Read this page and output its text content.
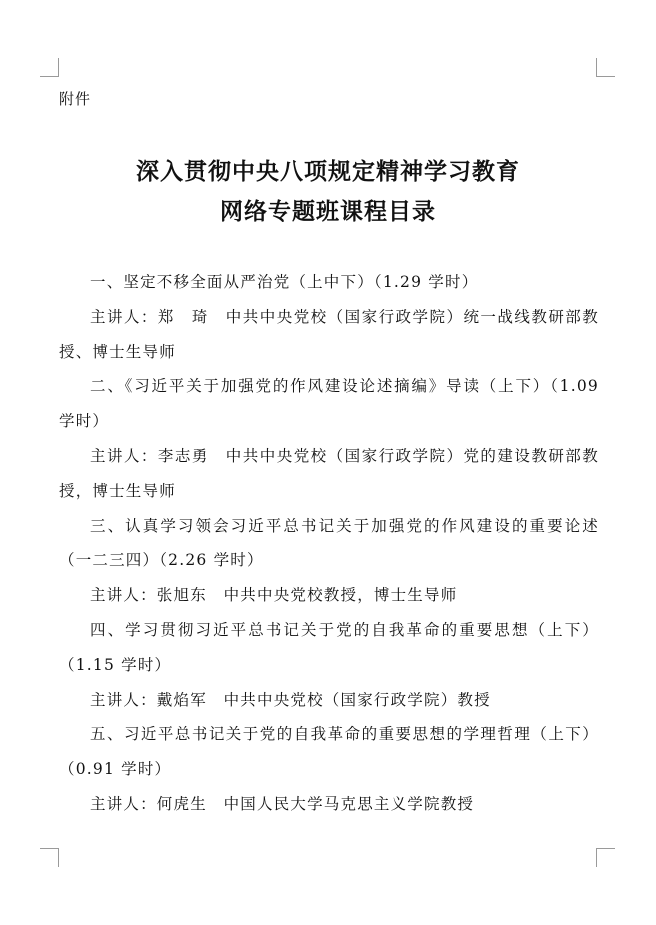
附件
深入贯彻中央八项规定精神学习教育
网络专题班课程目录

一、坚定不移全面从严治党（上中下）（1.29 学时）

主讲人：郑　琦　中共中央党校（国家行政学院）统一战线教研部教授、博士生导师

二、《习近平关于加强党的作风建设论述摘编》导读（上下）（1.09 学时）

主讲人：李志勇　中共中央党校（国家行政学院）党的建设教研部教授，博士生导师

三、认真学习领会习近平总书记关于加强党的作风建设的重要论述（一二三四）（2.26 学时）

主讲人：张旭东　中共中央党校教授，博士生导师

四、学习贯彻习近平总书记关于党的自我革命的重要思想（上下）（1.15 学时）

主讲人：戴焰军　中共中央党校（国家行政学院）教授

五、习近平总书记关于党的自我革命的重要思想的学理哲理（上下）（0.91 学时）

主讲人：何虎生　中国人民大学马克思主义学院教授
